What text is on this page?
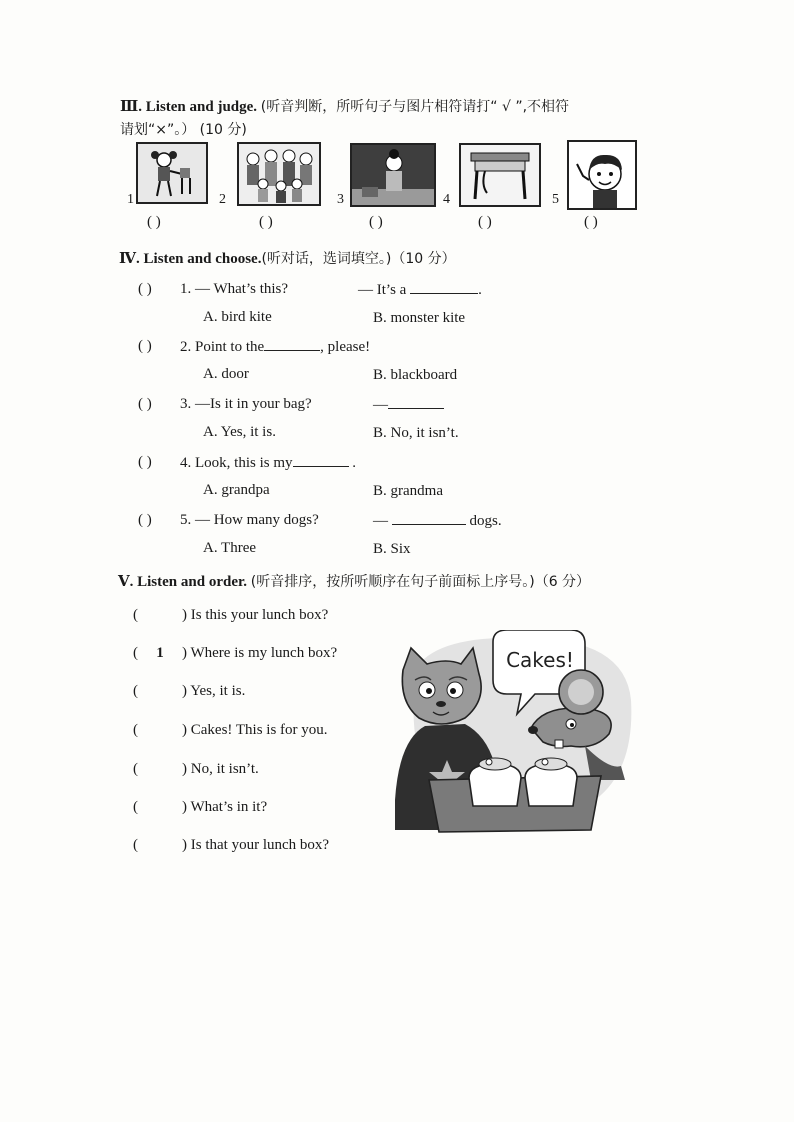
Ⅲ. Listen and judge. (听音判断，所听句子与图片相符请打“ √ ”,不相符
请划“×”。） (10 分)
1	2	3	4	5
( )	( )	( )	( )	( )
Ⅳ. Listen and choose.(听对话，选词填空。)（10 分）
( ) 1. — What’s this?	— It’s a	.
A. bird kite	B. monster kite
( ) 2. Point to the	, please!
A. door	B. blackboard
( ) 3. —Is it in your bag?	—
A. Yes, it is.	B. No, it isn’t.
( ) 4. Look, this is my	.
A. grandpa	B. grandma
( ) 5. — How many dogs?	—	dogs.
A. Three	B. Six
Ⅴ. Listen and order. (听音排序，按所听顺序在句子前面标上序号。)（6 分）
(	) Is this your lunch box?
( 1 ) Where is my lunch box?
(	) Yes, it is.
(	) Cakes! This is for you.
(	) No, it isn’t.
(	) What’s in it?
(	) Is that your lunch box?
Cakes!
